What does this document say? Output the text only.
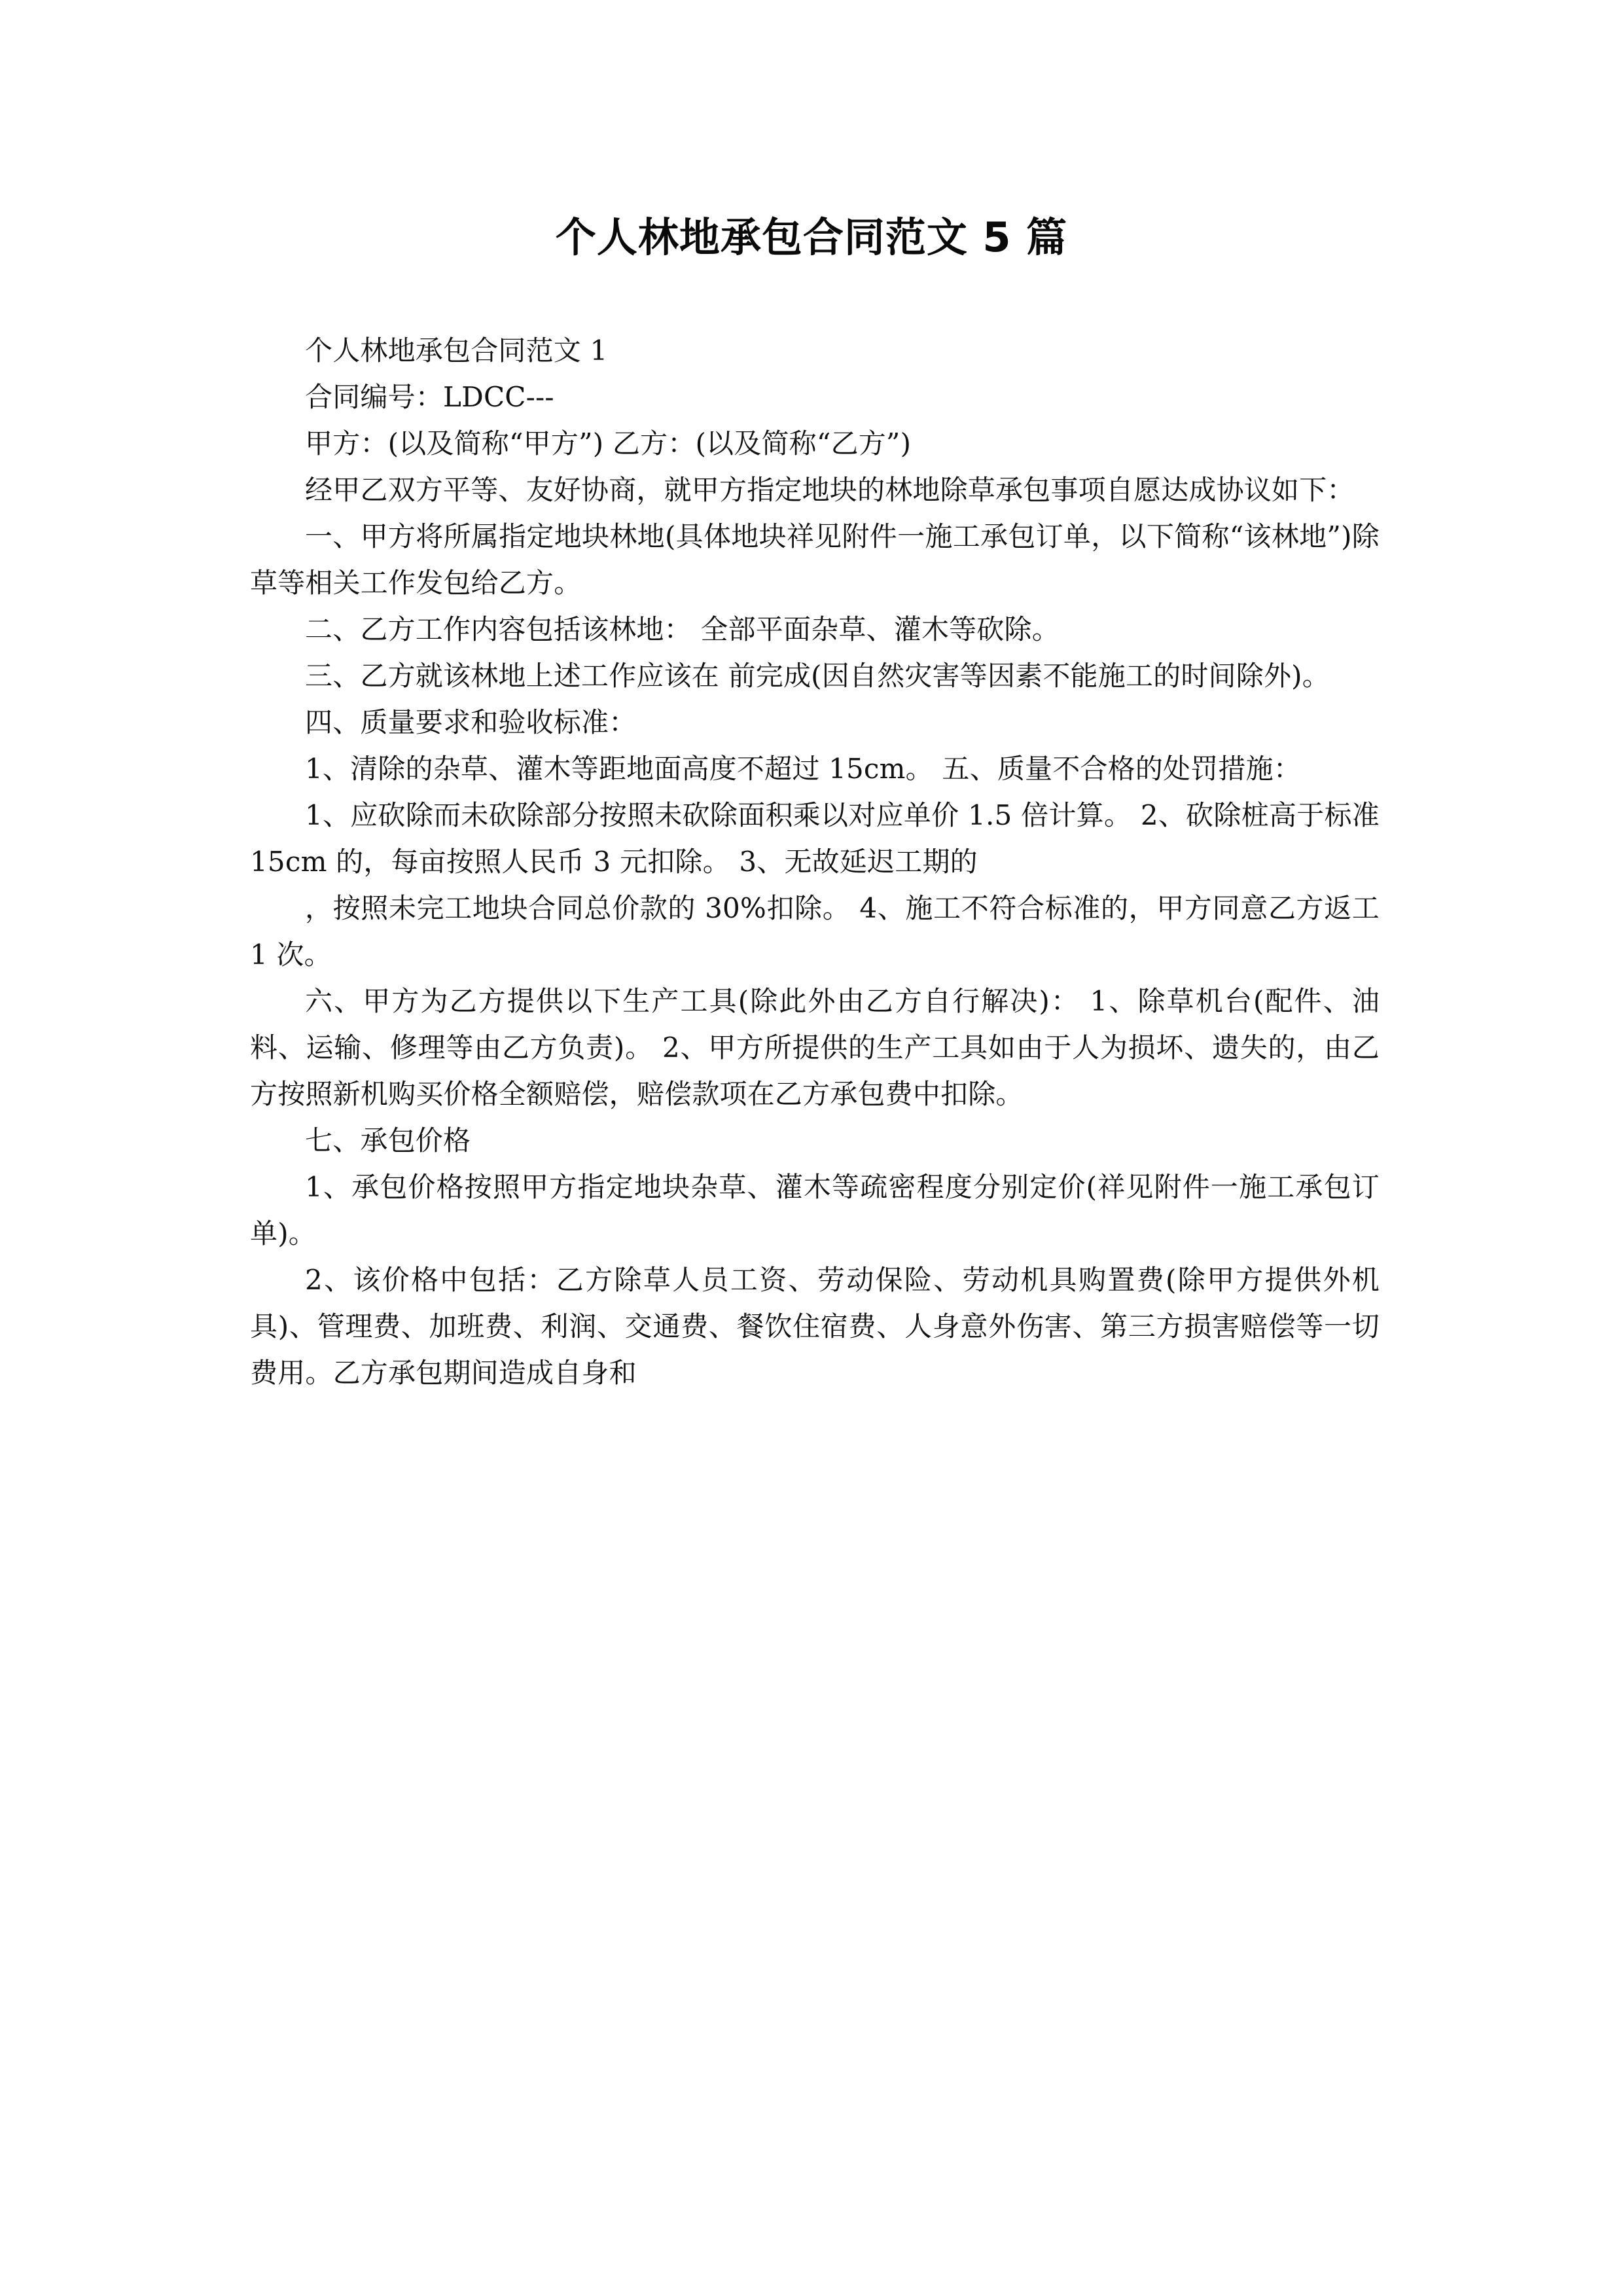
个人林地承包合同范文 5 篇

个人林地承包合同范文 1

合同编号：LDCC---

甲方：(以及简称“甲方”) 乙方：(以及简称“乙方”)

经甲乙双方平等、友好协商，就甲方指定地块的林地除草承包事项自愿达成协议如下：

一、甲方将所属指定地块林地(具体地块祥见附件一施工承包订单，以下简称“该林地”)除草等相关工作发包给乙方。

二、乙方工作内容包括该林地： 全部平面杂草、灌木等砍除。

三、乙方就该林地上述工作应该在 前完成(因自然灾害等因素不能施工的时间除外)。

四、质量要求和验收标准：

1、清除的杂草、灌木等距地面高度不超过 15cm。 五、质量不合格的处罚措施：

1、应砍除而未砍除部分按照未砍除面积乘以对应单价 1.5 倍计算。 2、砍除桩高于标准 15cm 的，每亩按照人民币 3 元扣除。 3、无故延迟工期的

，按照未完工地块合同总价款的 30%扣除。 4、施工不符合标准的，甲方同意乙方返工 1 次。

六、甲方为乙方提供以下生产工具(除此外由乙方自行解决)： 1、除草机台(配件、油料、运输、修理等由乙方负责)。 2、甲方所提供的生产工具如由于人为损坏、遗失的，由乙方按照新机购买价格全额赔偿，赔偿款项在乙方承包费中扣除。

七、承包价格

1、承包价格按照甲方指定地块杂草、灌木等疏密程度分别定价(祥见附件一施工承包订单)。

2、该价格中包括：乙方除草人员工资、劳动保险、劳动机具购置费(除甲方提供外机具)、管理费、加班费、利润、交通费、餐饮住宿费、人身意外伤害、第三方损害赔偿等一切费用。乙方承包期间造成自身和
